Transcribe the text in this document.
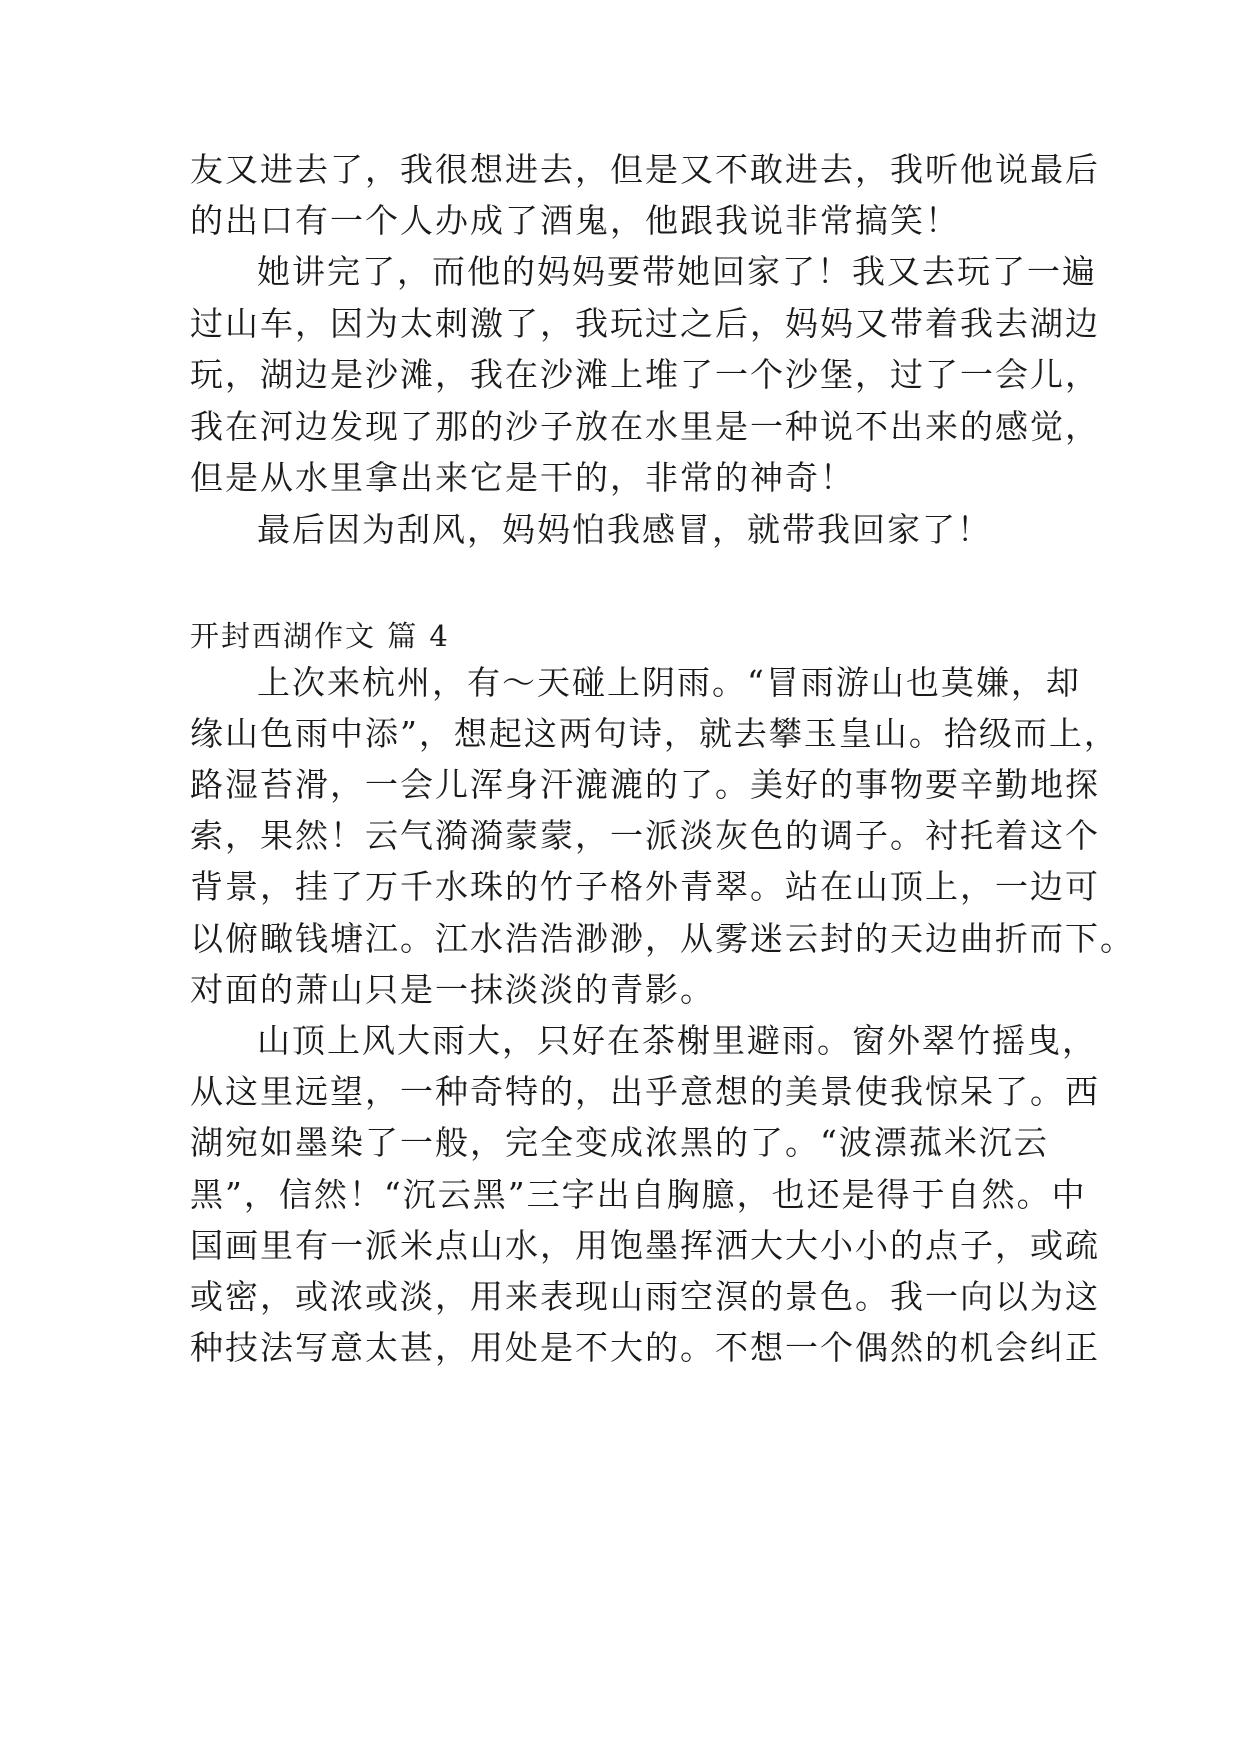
友又进去了，我很想进去，但是又不敢进去，我听他说最后
的出口有一个人办成了酒鬼，他跟我说非常搞笑！
她讲完了，而他的妈妈要带她回家了！我又去玩了一遍
过山车，因为太刺激了，我玩过之后，妈妈又带着我去湖边
玩，湖边是沙滩，我在沙滩上堆了一个沙堡，过了一会儿，
我在河边发现了那的沙子放在水里是一种说不出来的感觉，
但是从水里拿出来它是干的，非常的神奇！
最后因为刮风，妈妈怕我感冒，就带我回家了！
开封西湖作文 篇 4
上次来杭州，有～天碰上阴雨。“冒雨游山也莫嫌，却
缘山色雨中添”，想起这两句诗，就去攀玉皇山。拾级而上，
路湿苔滑，一会儿浑身汗漉漉的了。美好的事物要辛勤地探
索，果然！云气漪漪蒙蒙，一派淡灰色的调子。衬托着这个
背景，挂了万千水珠的竹子格外青翠。站在山顶上，一边可
以俯瞰钱塘江。江水浩浩渺渺，从雾迷云封的天边曲折而下。
对面的萧山只是一抹淡淡的青影。
山顶上风大雨大，只好在茶榭里避雨。窗外翠竹摇曳，
从这里远望，一种奇特的，出乎意想的美景使我惊呆了。西
湖宛如墨染了一般，完全变成浓黑的了。“波漂菰米沉云
黑”，信然！“沉云黑”三字出自胸臆，也还是得于自然。中
国画里有一派米点山水，用饱墨挥洒大大小小的点子，或疏
或密，或浓或淡，用来表现山雨空溟的景色。我一向以为这
种技法写意太甚，用处是不大的。不想一个偶然的机会纠正
